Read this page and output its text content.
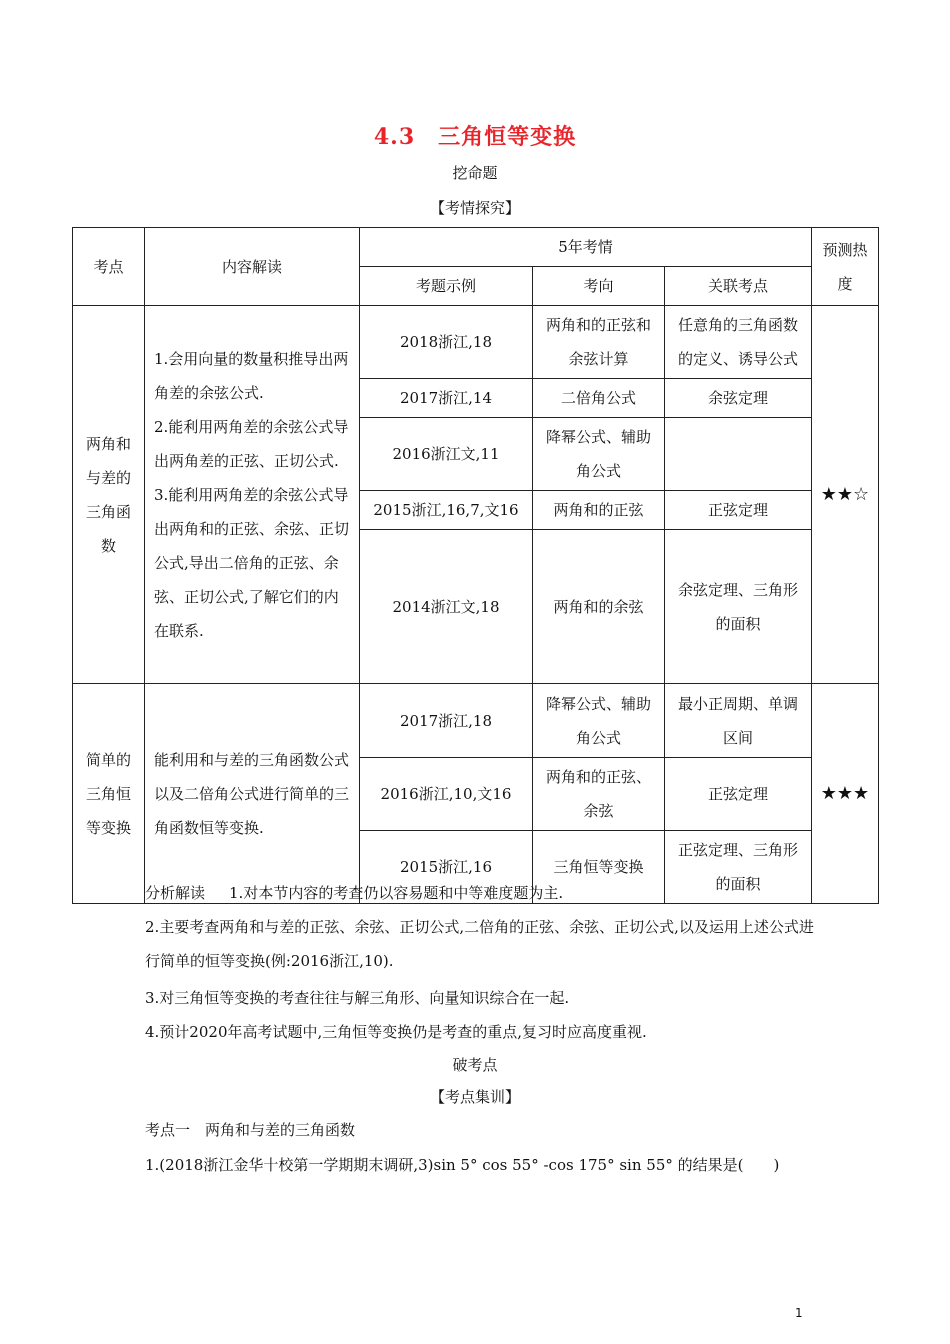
4.3　三角恒等变换
挖命题
【考情探究】
考点	内容解读	5年考情			预测热度
		考题示例	考向	关联考点	
两角和与差的三角函数	1.会用向量的数量积推导出两角差的余弦公式.
2.能利用两角差的余弦公式导出两角差的正弦、正切公式.
3.能利用两角差的余弦公式导出两角和的正弦、余弦、正切公式,导出二倍角的正弦、余弦、正切公式,了解它们的内在联系.	2018浙江,18	两角和的正弦和余弦计算	任意角的三角函数的定义、诱导公式	★★☆
		2017浙江,14	二倍角公式	余弦定理	
		2016浙江文,11	降幂公式、辅助角公式		
		2015浙江,16,7,文16	两角和的正弦	正弦定理	
		2014浙江文,18	两角和的余弦	余弦定理、三角形的面积	
简单的三角恒等变换	能利用和与差的三角函数公式以及二倍角公式进行简单的三角函数恒等变换.	2017浙江,18	降幂公式、辅助角公式	最小正周期、单调区间	★★★
		2016浙江,10,文16	两角和的正弦、余弦	正弦定理	
		2015浙江,16	三角恒等变换	正弦定理、三角形的面积	
分析解读 1.对本节内容的考查仍以容易题和中等难度题为主.
2.主要考查两角和与差的正弦、余弦、正切公式,二倍角的正弦、余弦、正切公式,以及运用上述公式进行简单的恒等变换(例:2016浙江,10).
3.对三角恒等变换的考查往往与解三角形、向量知识综合在一起.
4.预计2020年高考试题中,三角恒等变换仍是考查的重点,复习时应高度重视.
破考点
【考点集训】
考点一　两角和与差的三角函数
1.(2018浙江金华十校第一学期期末调研,3)sin 5° cos 55° -cos 175° sin 55° 的结果是(　　)
1
